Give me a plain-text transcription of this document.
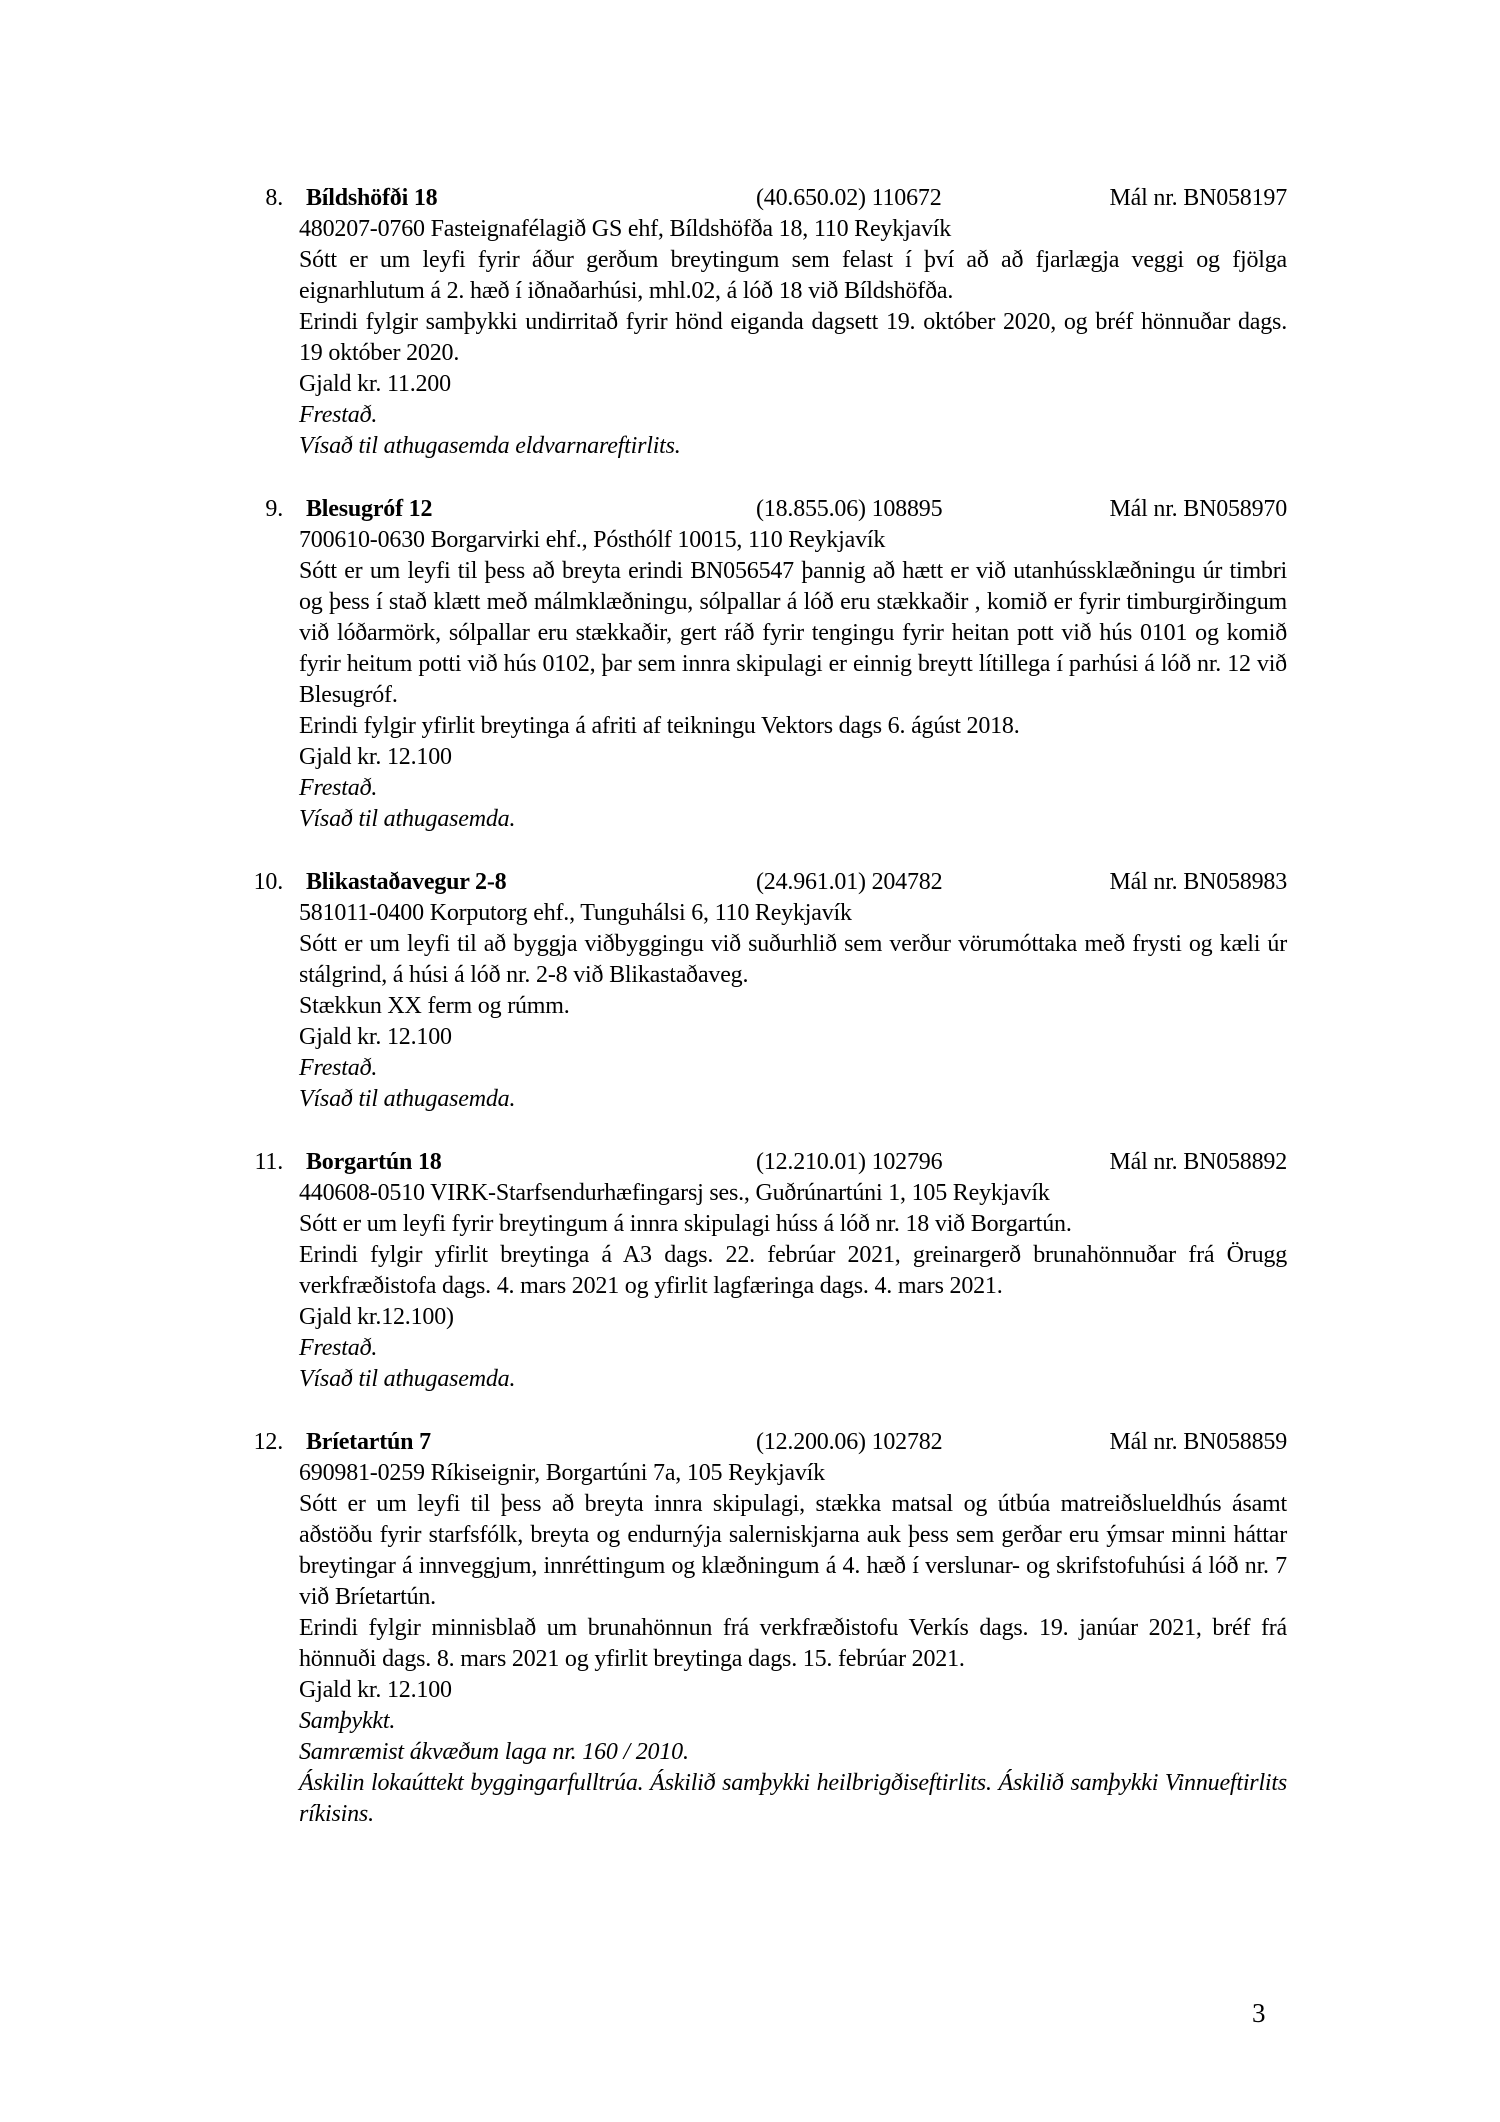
8. Bíldshöfði 18	(40.650.02) 110672	Mál nr. BN058197

480207-0760 Fasteignafélagið GS ehf, Bíldshöfða 18, 110 Reykjavík

Sótt er um leyfi fyrir áður gerðum breytingum sem felast í því að að fjarlægja veggi og fjölga eignarhlutum á 2. hæð í iðnaðarhúsi, mhl.02, á lóð 18 við Bíldshöfða.

Erindi fylgir samþykki undirritað fyrir hönd eiganda dagsett 19. október 2020, og bréf hönnuðar dags. 19 október 2020.

Gjald kr. 11.200

Frestað.

Vísað til athugasemda eldvarnareftirlits.

9. Blesugróf 12	(18.855.06) 108895	Mál nr. BN058970

700610-0630 Borgarvirki ehf., Pósthólf 10015, 110 Reykjavík

Sótt er um leyfi til þess að breyta erindi BN056547 þannig að hætt er við utanhússklæðningu úr timbri og þess í stað klætt með málmklæðningu, sólpallar á lóð eru stækkaðir , komið er fyrir timburgirðingum við lóðarmörk, sólpallar eru stækkaðir, gert ráð fyrir tengingu fyrir heitan pott við hús 0101 og komið fyrir heitum potti við hús 0102, þar sem innra skipulagi er einnig breytt lítillega í parhúsi á lóð nr. 12 við Blesugróf.

Erindi fylgir yfirlit breytinga á afriti af teikningu Vektors dags 6. ágúst 2018.

Gjald kr. 12.100

Frestað.

Vísað til athugasemda.

10. Blikastaðavegur 2-8	(24.961.01) 204782	Mál nr. BN058983

581011-0400 Korputorg ehf., Tunguhálsi 6, 110 Reykjavík

Sótt er um leyfi til að byggja viðbyggingu við suðurhlið sem verður vörumóttaka með frysti og kæli úr stálgrind, á húsi á lóð nr. 2-8 við Blikastaðaveg.

Stækkun XX ferm og rúmm.

Gjald kr. 12.100

Frestað.

Vísað til athugasemda.

11. Borgartún 18	(12.210.01) 102796	Mál nr. BN058892

440608-0510 VIRK-Starfsendurhæfingarsj ses., Guðrúnartúni 1, 105 Reykjavík

Sótt er um leyfi fyrir breytingum á innra skipulagi húss á lóð nr. 18 við Borgartún.

Erindi fylgir yfirlit breytinga á A3 dags. 22. febrúar 2021, greinargerð brunahönnuðar frá Örugg verkfræðistofa dags. 4. mars 2021 og yfirlit lagfæringa dags. 4. mars 2021.

Gjald kr.12.100)

Frestað.

Vísað til athugasemda.

12. Bríetartún 7	(12.200.06) 102782	Mál nr. BN058859

690981-0259 Ríkiseignir, Borgartúni 7a, 105 Reykjavík

Sótt er um leyfi til þess að breyta innra skipulagi, stækka matsal og útbúa matreiðslueldhús ásamt aðstöðu fyrir starfsfólk, breyta og endurnýja salerniskjarna auk þess sem gerðar eru ýmsar minni háttar breytingar á innveggjum, innréttingum og klæðningum á 4. hæð í verslunar- og skrifstofuhúsi á lóð nr. 7 við Bríetartún.

Erindi fylgir minnisblað um brunahönnun frá verkfræðistofu Verkís dags. 19. janúar 2021, bréf frá hönnuði dags. 8. mars 2021 og yfirlit breytinga dags. 15. febrúar 2021.

Gjald kr. 12.100

Samþykkt.

Samræmist ákvæðum laga nr. 160 / 2010.

Áskilin lokaúttekt byggingarfulltrúa. Áskilið samþykki heilbrigðiseftirlits. Áskilið samþykki Vinnueftirlits ríkisins.

3
